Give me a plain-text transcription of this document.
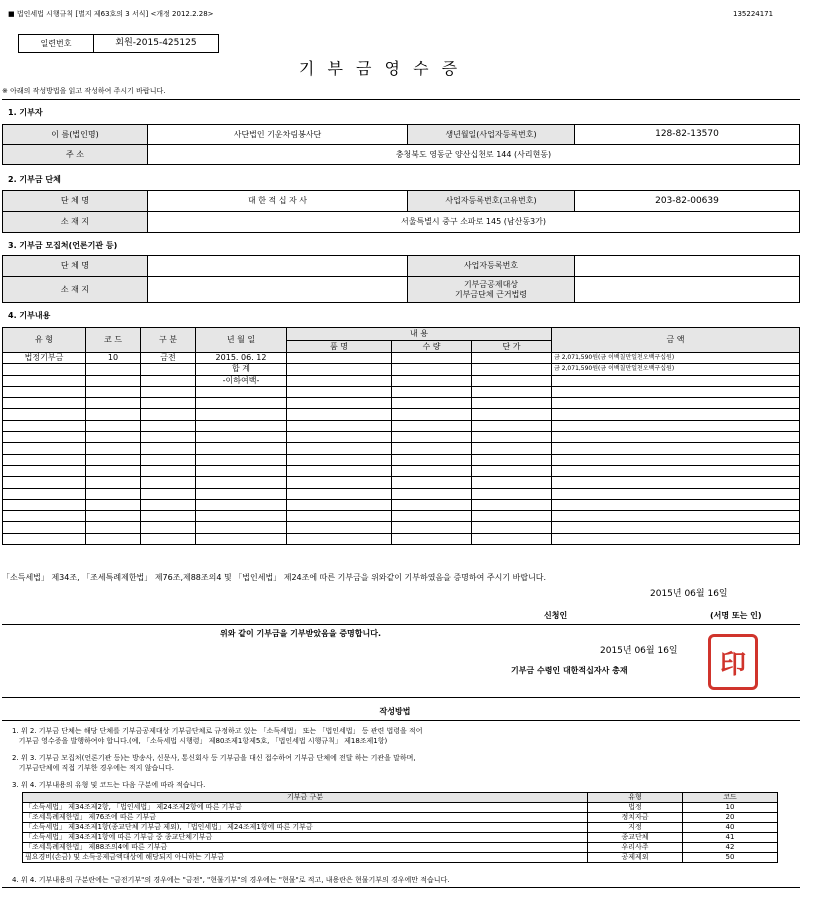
■ 법인세법 시행규칙 [별지 제63호의 3 서식] <개정 2012.2.28>	135224171
일련번호	회원-2015-425125
기 부 금 영 수 증
※ 아래의 작성방법을 읽고 작성하여 주시기 바랍니다.
1. 기부자
이 름(법인명)	사단법인 기운차림봉사단	생년월일(사업자등록번호)	128-82-13570
주 소	충청북도 영동군 양산십천로 144 (사리현동)		
2. 기부금 단체
단 체 명	대 한 적 십 자 사	사업자등록번호(고유번호)	203-82-00639
소 재 지	서울특별시 중구 소파로 145 (남산동3가)		
3. 기부금 모집처(언론기관 등)
단 체 명		사업자등록번호	
소 재 지		기부금공제대상
기부금단체 근거법령	

4. 기부내용
유 형	코 드	구 분	년 월 일	내 용			금 액
				품 명	수 량	단 가	
법정기부금	10	금전	2015. 06. 12				금 2,071,590원(금 이백칠만일천오백구십원)
			합 계				금 2,071,590원(금 이백칠만일천오백구십원)
			-이하여백-				

「소득세법」 제34조, 「조세특례제한법」 제76조,제88조의4 및 「법인세법」 제24조에 따른 기부금을 위와같이 기부하였음을 증명하여 주시기 바랍니다.
2015년 06월 16일
신청인	(서명 또는 인)
위와 같이 기부금을 기부받았음을 증명합니다.
2015년 06월 16일
기부금 수령인 대한적십자사 총재	印
작성방법
1. 위 2. 기부금 단체는 해당 단체를 기부금공제대상 기부금단체로 규정하고 있는 「소득세법」 또는 「법인세법」 등 관련 법령을 적어
기부금 영수증을 발행하여야 합니다.(예, 「소득세법 시행령」 제80조제1항제5호, 「법인세법 시행규칙」 제18조제1항)
2. 위 3. 기부금 모집처(언론기관 등)는 방송사, 신문사, 통신회사 등 기부금을 대신 접수하여 기부금 단체에 전달 하는 기관을 말하며,
기부금단체에 직접 기부한 경우에는 적지 않습니다.
3. 위 4. 기부내용의 유형 및 코드는 다음 구분에 따라 적습니다.
기부금 구분	유형	코드
「소득세법」 제34조제2항, 「법인세법」 제24조제2항에 따른 기부금	법정	10
「조세특례제한법」 제76조에 따른 기부금	정치자금	20
「소득세법」 제34조제1항(종교단체 기부금 제외), 「법인세법」 제24조제1항에 따른 기부금	지정	40
「소득세법」 제34조제1항에 따른 기부금 중 종교단체기부금	종교단체	41
「조세특례제한법」 제88조의4에 따른 기부금	우리사주	42
필요경비(손금) 및 소득공제금액대상에 해당되지 아니하는 기부금	공제제외	50
4. 위 4. 기부내용의 구분란에는 "금전기부"의 경우에는 "금전", "현물기부"의 경우에는 "현물"로 적고, 내용란은 현물기부의 경우에만 적습니다.
